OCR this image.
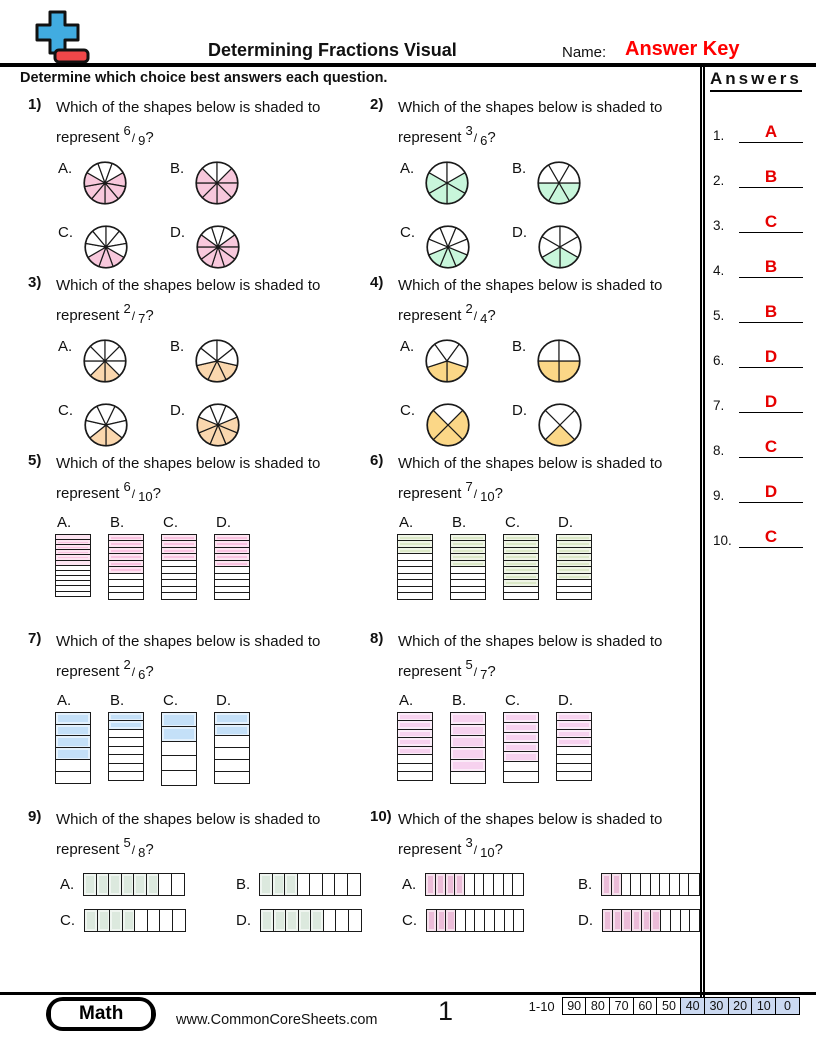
Determining Fractions Visual	Name: Answer Key
Determine which choice best answers each question.
1) Which of the shapes below is shaded to represent $^6$/ $_9$?
A.	B.
C.	D.
2) Which of the shapes below is shaded to represent $^3$/ $_6$?
A.	B.
C.	D.
3) Which of the shapes below is shaded to represent $^2$/ $_7$?
A.	B.
C.	D.
4) Which of the shapes below is shaded to represent $^2$/ $_4$?
A.	B.
C.	D.
5) Which of the shapes below is shaded to represent $^6$/ $_{10}$?
A.	B.	C.	D.
6) Which of the shapes below is shaded to represent $^7$/ $_{10}$?
A.	B.	C.	D.
7) Which of the shapes below is shaded to represent $^2$/ $_6$?
A.	B.	C.	D.
8) Which of the shapes below is shaded to represent $^5$/ $_7$?
A.	B.	C.	D.
9) Which of the shapes below is shaded to represent $^5$/ $_8$?
A.	B.
C.	D.
10) Which of the shapes below is shaded to represent $^3$/ $_{10}$?
A.	B.
C.	D.
Answers
1.	A
2.	B
3.	C
4.	B
5.	B
6.	D
7.	D
8.	C
9.	D
10.	C
Math	www.CommonCoreSheets.com 1	1-10	90 80 70 60 50 40 30 20 10	0
